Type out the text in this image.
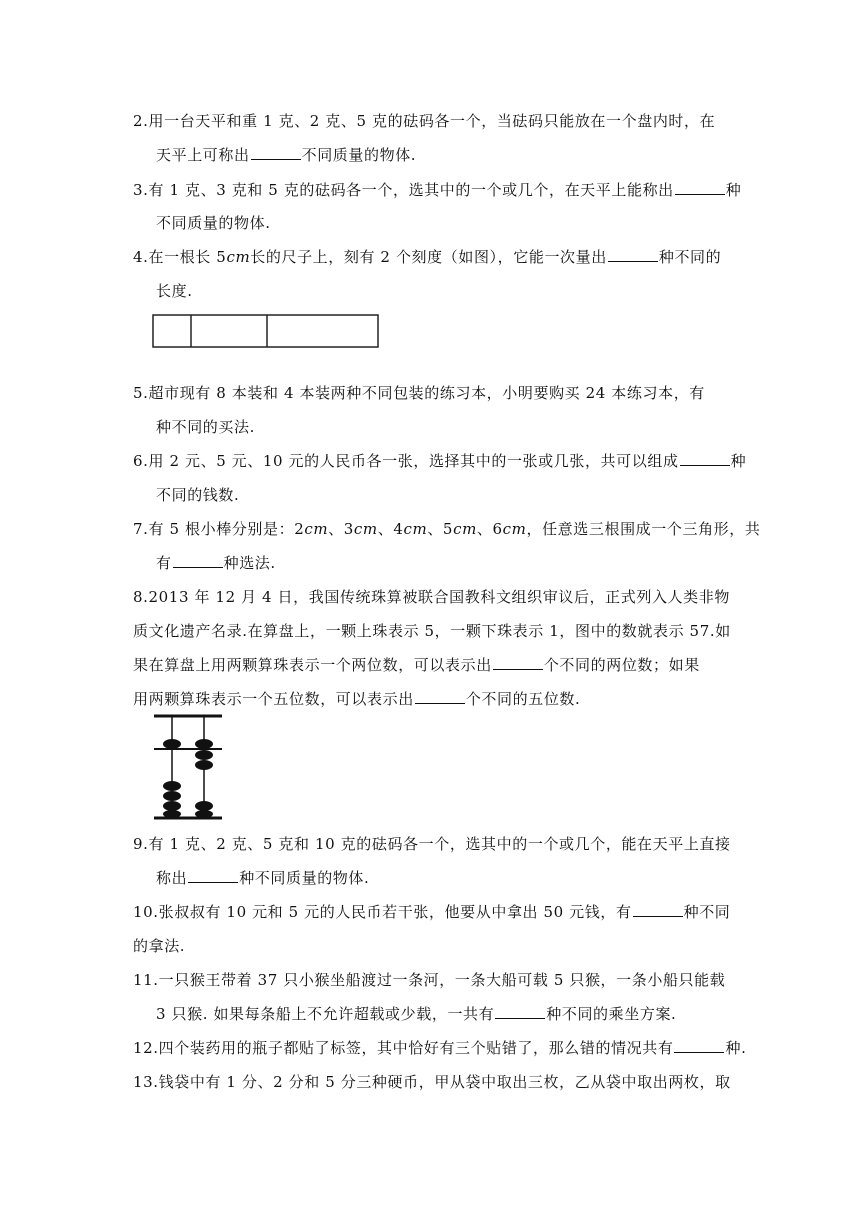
2.用一台天平和重 1 克、2 克、5 克的砝码各一个，当砝码只能放在一个盘内时，在
天平上可称出	不同质量的物体.
3.有 1 克、3 克和 5 克的砝码各一个，选其中的一个或几个，在天平上能称出	种
不同质量的物体.
4.在一根长 5cm长的尺子上，刻有 2 个刻度（如图），它能一次量出	种不同的
长度.
5.超市现有 8 本装和 4 本装两种不同包装的练习本，小明要购买 24 本练习本，有
种不同的买法.
6.用 2 元、5 元、10 元的人民币各一张，选择其中的一张或几张，共可以组成	种
不同的钱数.
7.有 5 根小棒分别是：2cm、3cm、4cm、5cm、6cm，任意选三根围成一个三角形，共
有	种选法.
8.2013 年 12 月 4 日，我国传统珠算被联合国教科文组织审议后，正式列入人类非物
质文化遗产名录.在算盘上，一颗上珠表示 5，一颗下珠表示 1，图中的数就表示 57.如
果在算盘上用两颗算珠表示一个两位数，可以表示出	个不同的两位数；如果
用两颗算珠表示一个五位数，可以表示出	个不同的五位数.
9.有 1 克、2 克、5 克和 10 克的砝码各一个，选其中的一个或几个，能在天平上直接
称出	种不同质量的物体.
10.张叔叔有 10 元和 5 元的人民币若干张，他要从中拿出 50 元钱，有	种不同
的拿法.
11.一只猴王带着 37 只小猴坐船渡过一条河，一条大船可载 5 只猴，一条小船只能载
3 只猴. 如果每条船上不允许超载或少载，一共有	种不同的乘坐方案.
12.四个装药用的瓶子都贴了标签，其中恰好有三个贴错了，那么错的情况共有	种.
13.钱袋中有 1 分、2 分和 5 分三种硬币，甲从袋中取出三枚，乙从袋中取出两枚，取
